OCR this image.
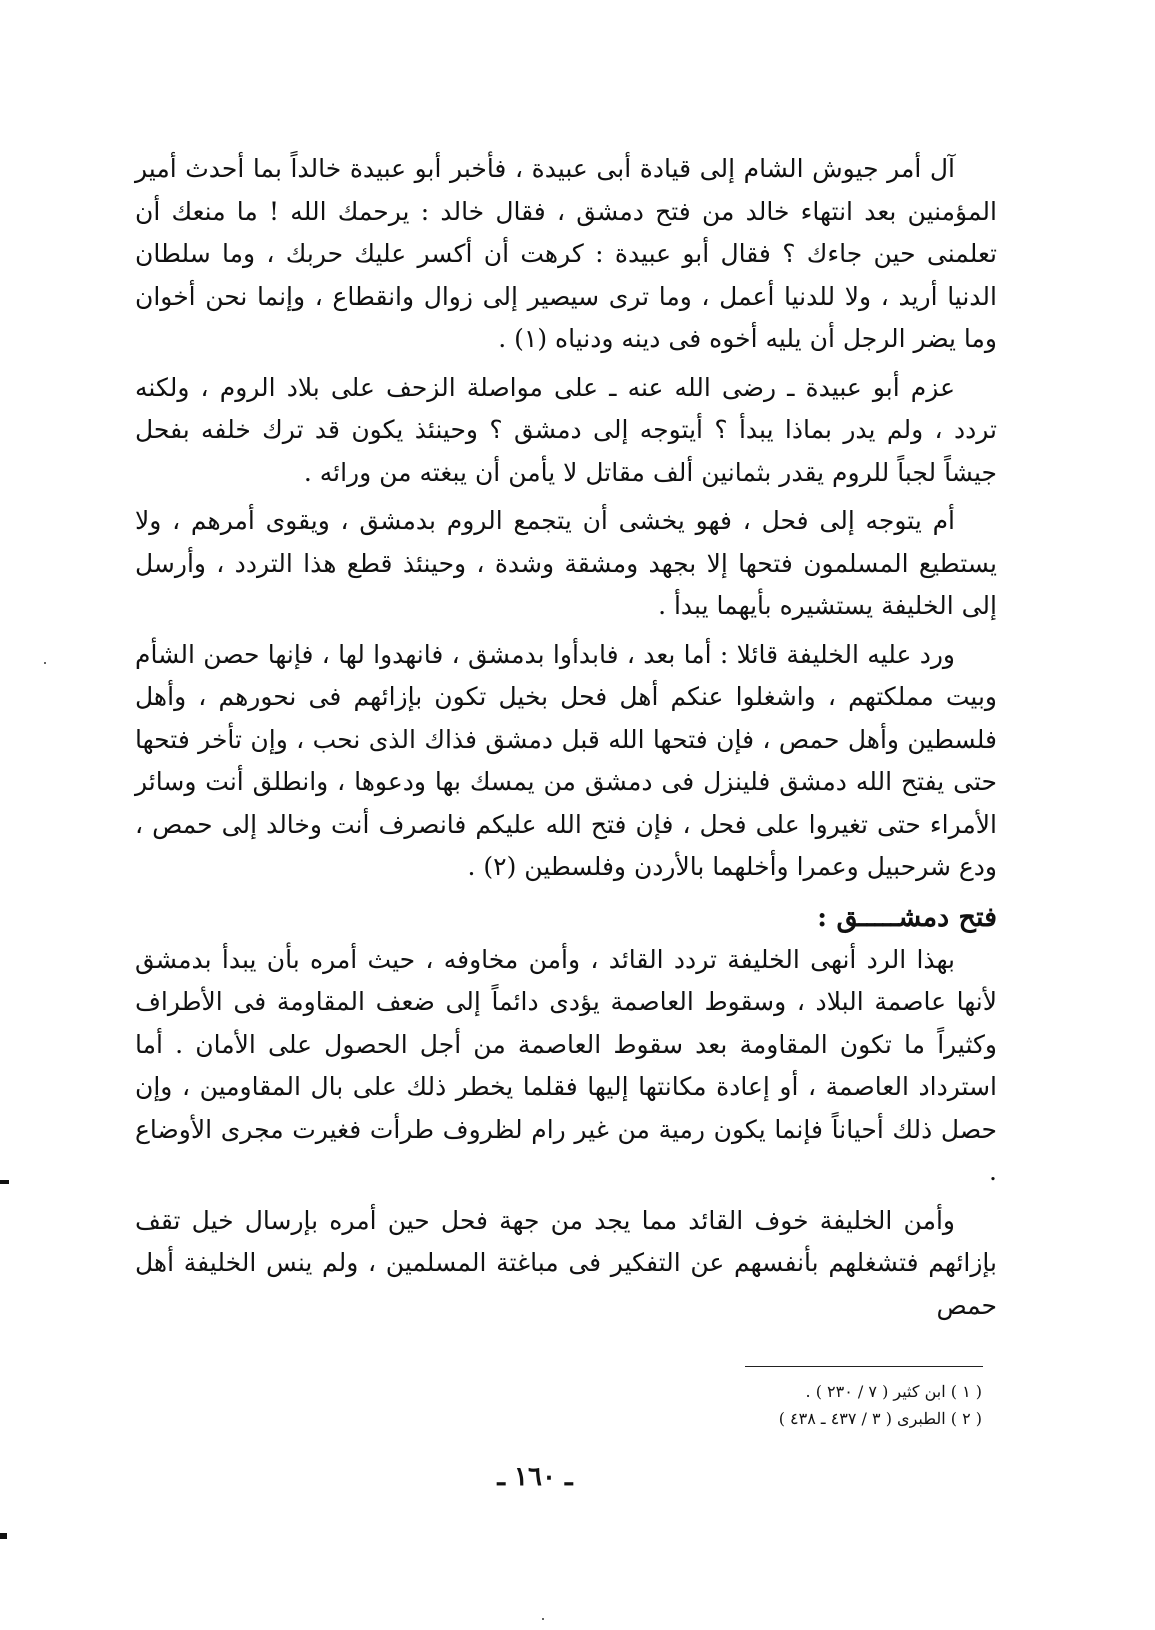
آل أمر جيوش الشام إلى قيادة أبى عبيدة ، فأخبر أبو عبيدة خالداً بما أحدث أمير المؤمنين بعد انتهاء خالد من فتح دمشق ، فقال خالد : يرحمك الله ! ما منعك أن تعلمنى حين جاءك ؟ فقال أبو عبيدة : كرهت أن أكسر عليك حربك ، وما سلطان الدنيا أريد ، ولا للدنيا أعمل ، وما ترى سيصير إلى زوال وانقطاع ، وإنما نحن أخوان وما يضر الرجل أن يليه أخوه فى دينه ودنياه (١) .

عزم أبو عبيدة ـ رضى الله عنه ـ على مواصلة الزحف على بلاد الروم ، ولكنه تردد ، ولم يدر بماذا يبدأ ؟ أيتوجه إلى دمشق ؟ وحينئذ يكون قد ترك خلفه بفحل جيشاً لجباً للروم يقدر بثمانين ألف مقاتل لا يأمن أن يبغته من ورائه .

أم يتوجه إلى فحل ، فهو يخشى أن يتجمع الروم بدمشق ، ويقوى أمرهم ، ولا يستطيع المسلمون فتحها إلا بجهد ومشقة وشدة ، وحينئذ قطع هذا التردد ، وأرسل إلى الخليفة يستشيره بأيهما يبدأ .

ورد عليه الخليفة قائلا : أما بعد ، فابدأوا بدمشق ، فانهدوا لها ، فإنها حصن الشأم وبيت مملكتهم ، واشغلوا عنكم أهل فحل بخيل تكون بإزائهم فى نحورهم ، وأهل فلسطين وأهل حمص ، فإن فتحها الله قبل دمشق فذاك الذى نحب ، وإن تأخر فتحها حتى يفتح الله دمشق فلينزل فى دمشق من يمسك بها ودعوها ، وانطلق أنت وسائر الأمراء حتى تغيروا على فحل ، فإن فتح الله عليكم فانصرف أنت وخالد إلى حمص ، ودع شرحبيل وعمرا وأخلهما بالأردن وفلسطين (٢) .

فتح دمشـــــق :

بهذا الرد أنهى الخليفة تردد القائد ، وأمن مخاوفه ، حيث أمره بأن يبدأ بدمشق لأنها عاصمة البلاد ، وسقوط العاصمة يؤدى دائماً إلى ضعف المقاومة فى الأطراف وكثيراً ما تكون المقاومة بعد سقوط العاصمة من أجل الحصول على الأمان . أما استرداد العاصمة ، أو إعادة مكانتها إليها فقلما يخطر ذلك على بال المقاومين ، وإن حصل ذلك أحياناً فإنما يكون رمية من غير رام لظروف طرأت فغيرت مجرى الأوضاع .

وأمن الخليفة خوف القائد مما يجد من جهة فحل حين أمره بإرسال خيل تقف بإزائهم فتشغلهم بأنفسهم عن التفكير فى مباغتة المسلمين ، ولم ينس الخليفة أهل حمص

( ١ ) ابن كثير ( ٧ / ٢٣٠ ) .

( ٢ ) الطبرى ( ٣ / ٤٣٧ ـ ٤٣٨ )

ـ ١٦٠ ـ
